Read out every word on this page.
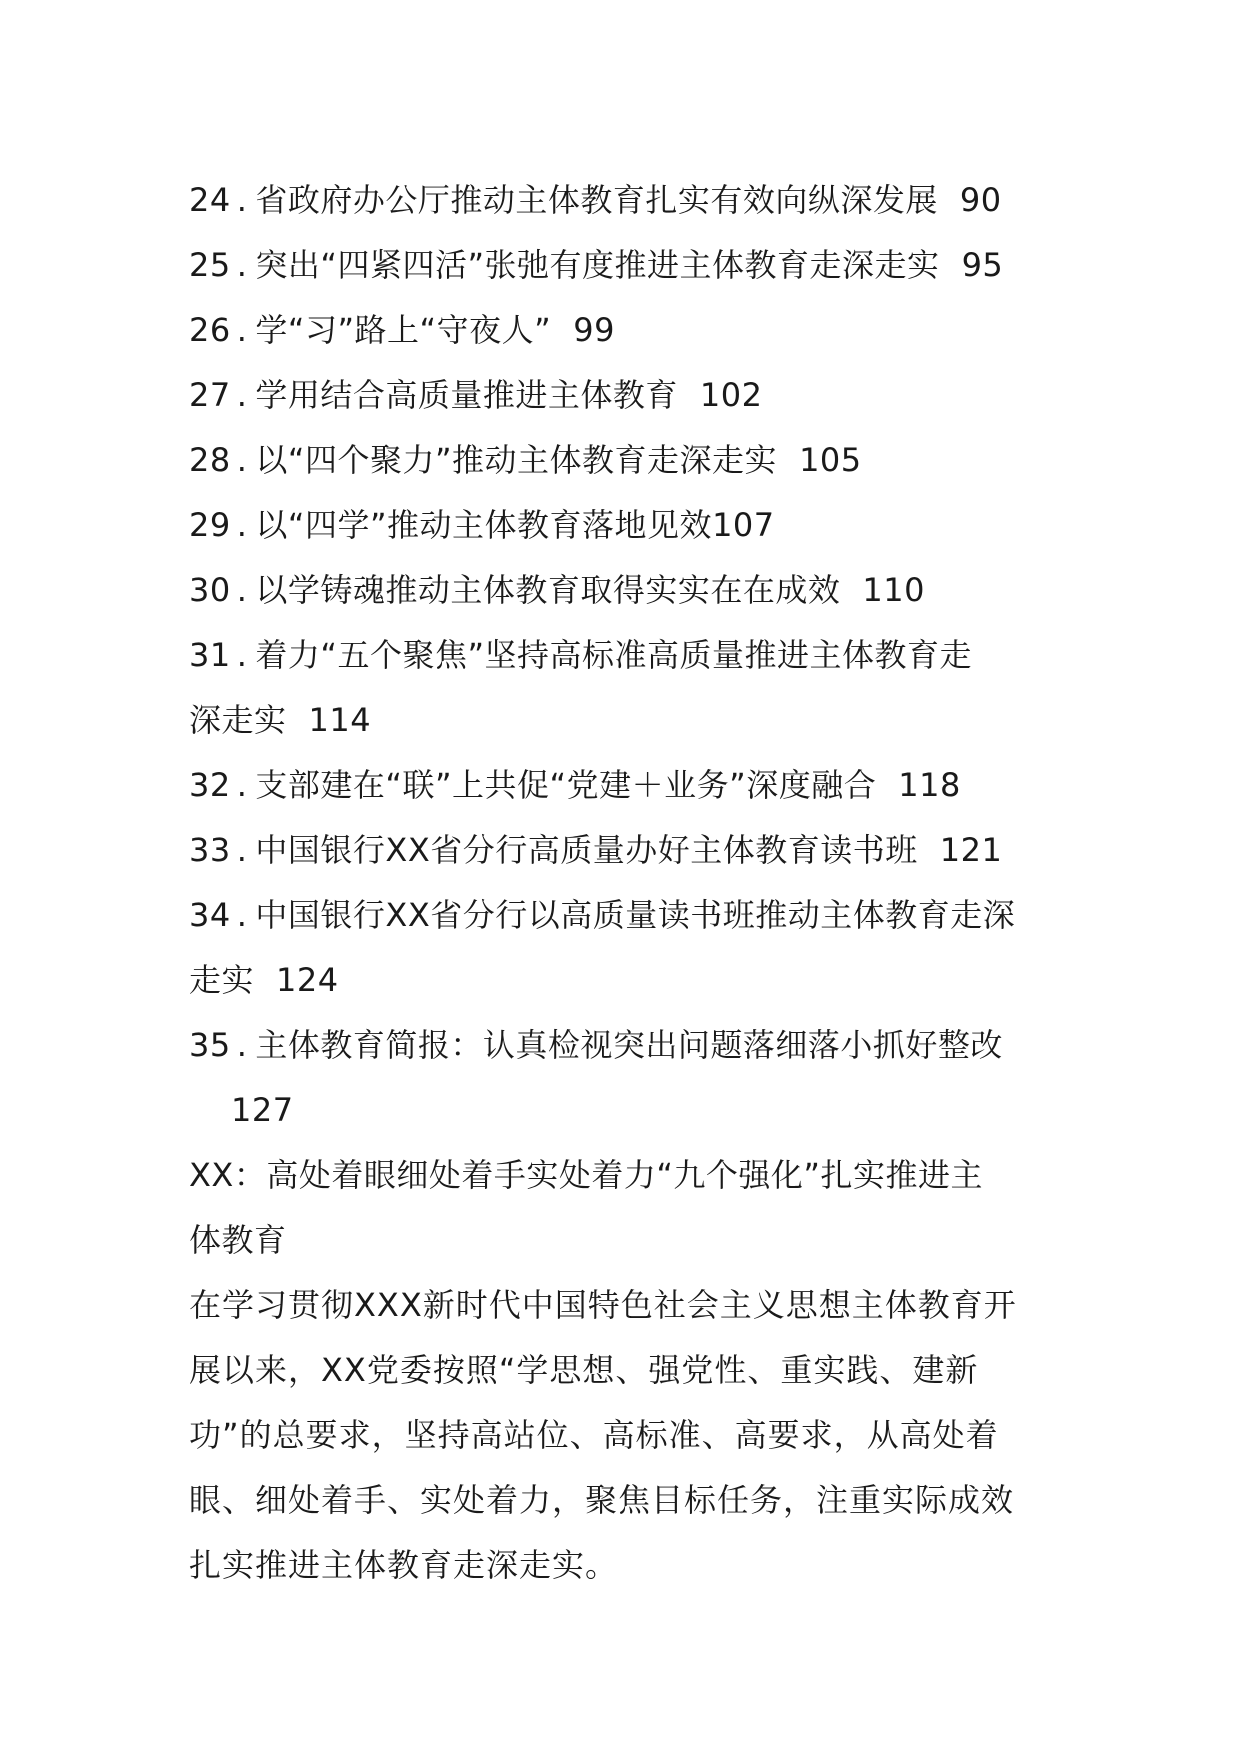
24 . 省政府办公厅推动主体教育扎实有效向纵深发展 90
25 . 突出“四紧四活”张弛有度推进主体教育走深走实 95
26 . 学“习”路上“守夜人” 99
27 . 学用结合高质量推进主体教育 102
28 . 以“四个聚力”推动主体教育走深走实 105
29 . 以“四学”推动主体教育落地见效 107
30 . 以学铸魂推动主体教育取得实实在在成效 110
31 . 着力“五个聚焦”坚持高标准高质量推进主体教育走
深走实 114
32 . 支部建在“联”上共促“党建＋业务”深度融合 118
33 . 中国银行XX省分行高质量办好主体教育读书班 121
34 . 中国银行XX省分行以高质量读书班推动主体教育走深
走实 124
35 . 主体教育简报：认真检视突出问题落细落小抓好整改
127
XX：高处着眼细处着手实处着力“九个强化”扎实推进主
体教育
在学习贯彻XXX新时代中国特色社会主义思想主体教育开
展以来，XX党委按照“学思想、强党性、重实践、建新
功”的总要求，坚持高站位、高标准、高要求，从高处着
眼、细处着手、实处着力，聚焦目标任务，注重实际成效
扎实推进主体教育走深走实。
